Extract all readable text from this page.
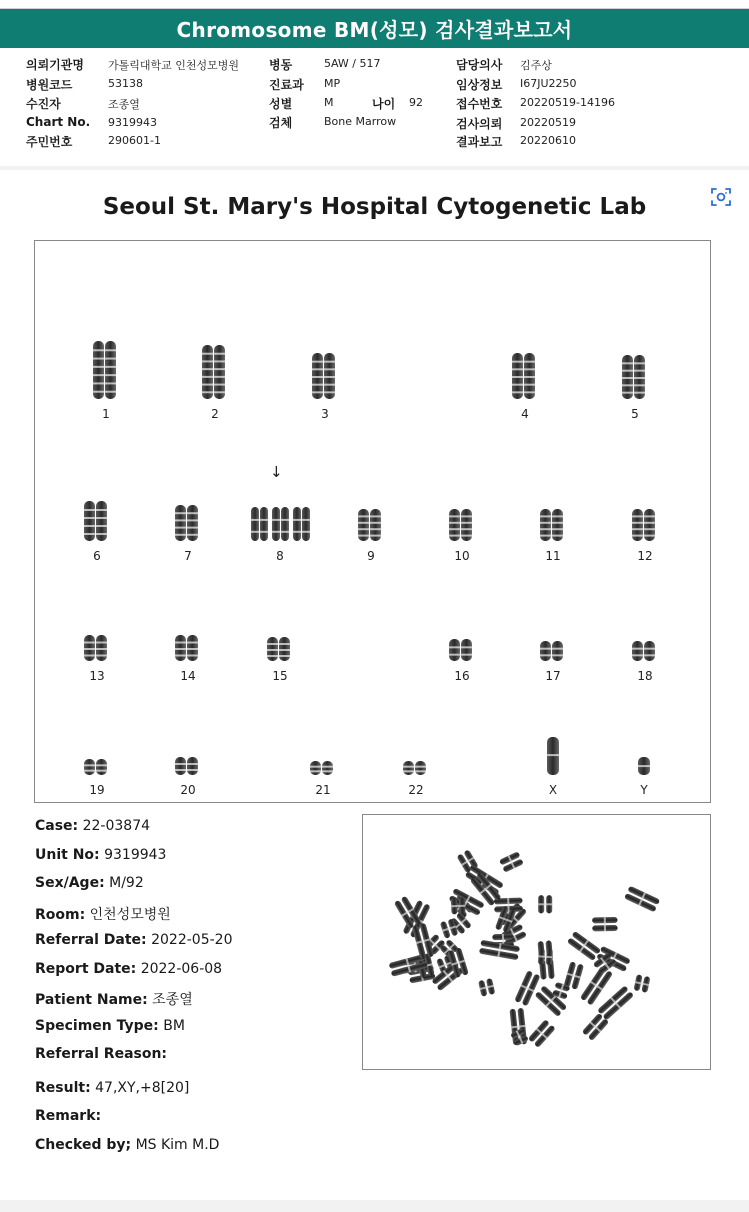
Chromosome BM(성모) 검사결과보고서
의뢰기관명 가톨릭대학교 인천성모병원
병원코드	53138
수진자	조종열
Chart No. 9319943
주민번호	290601-1
병동	5AW / 517
진료과 MP
성별	M	나이 92
검체	Bone Marrow
담당의사 김주상
임상정보 I67JU2250
접수번호 20220519-14196
검사의뢰 20220519
결과보고 20220610
Seoul St. Mary's Hospital Cytogenetic Lab
1	2	3	4	5
6	7	8	9	10	11	12
13	14	15	16	17	18
19	20	21	22	X	Y
↓
Case: 22-03874
Unit No: 9319943
Sex/Age: M/92
Room: 인천성모병원
Referral Date: 2022-05-20
Report Date: 2022-06-08
Patient Name: 조종열
Specimen Type: BM
Referral Reason:
Result: 47,XY,+8[20]
Remark:
Checked by; MS Kim M.D
